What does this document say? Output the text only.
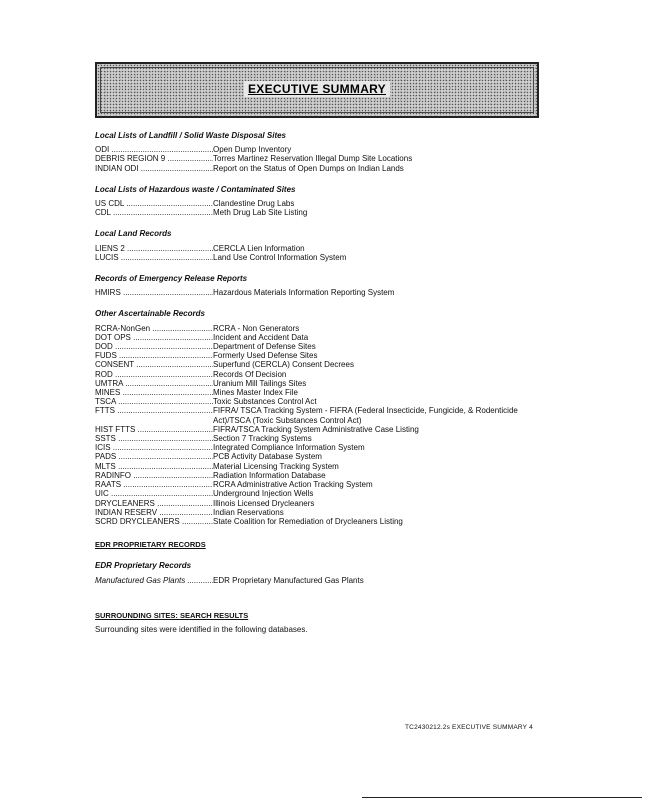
EXECUTIVE SUMMARY
Local Lists of Landfill / Solid Waste Disposal Sites
ODI .....	Open Dump Inventory
DEBRIS REGION 9 .....	Torres Martinez Reservation Illegal Dump Site Locations
INDIAN ODI .....	Report on the Status of Open Dumps on Indian Lands
Local Lists of Hazardous waste / Contaminated Sites
US CDL .....	Clandestine Drug Labs
CDL .....	Meth Drug Lab Site Listing
Local Land Records
LIENS 2 .....	CERCLA Lien Information
LUCIS .....	Land Use Control Information System
Records of Emergency Release Reports
HMIRS .....	Hazardous Materials Information Reporting System
Other Ascertainable Records
RCRA-NonGen .....	RCRA - Non Generators
DOT OPS .....	Incident and Accident Data
DOD .....	Department of Defense Sites
FUDS .....	Formerly Used Defense Sites
CONSENT .....	Superfund (CERCLA) Consent Decrees
ROD .....	Records Of Decision
UMTRA .....	Uranium Mill Tailings Sites
MINES .....	Mines Master Index File
TSCA .....	Toxic Substances Control Act
FTTS .....	FIFRA/ TSCA Tracking System - FIFRA (Federal Insecticide, Fungicide, & Rodenticide Act)/TSCA (Toxic Substances Control Act)
HIST FTTS .....	FIFRA/TSCA Tracking System Administrative Case Listing
SSTS .....	Section 7 Tracking Systems
ICIS .....	Integrated Compliance Information System
PADS .....	PCB Activity Database System
MLTS .....	Material Licensing Tracking System
RADINFO .....	Radiation Information Database
RAATS .....	RCRA Administrative Action Tracking System
UIC .....	Underground Injection Wells
DRYCLEANERS .....	Illinois Licensed Drycleaners
INDIAN RESERV .....	Indian Reservations
SCRD DRYCLEANERS .....	State Coalition for Remediation of Drycleaners Listing
EDR PROPRIETARY RECORDS
EDR Proprietary Records
Manufactured Gas Plants .....	EDR Proprietary Manufactured Gas Plants
SURROUNDING SITES: SEARCH RESULTS
Surrounding sites were identified in the following databases.
TC2430212.2s EXECUTIVE SUMMARY 4
